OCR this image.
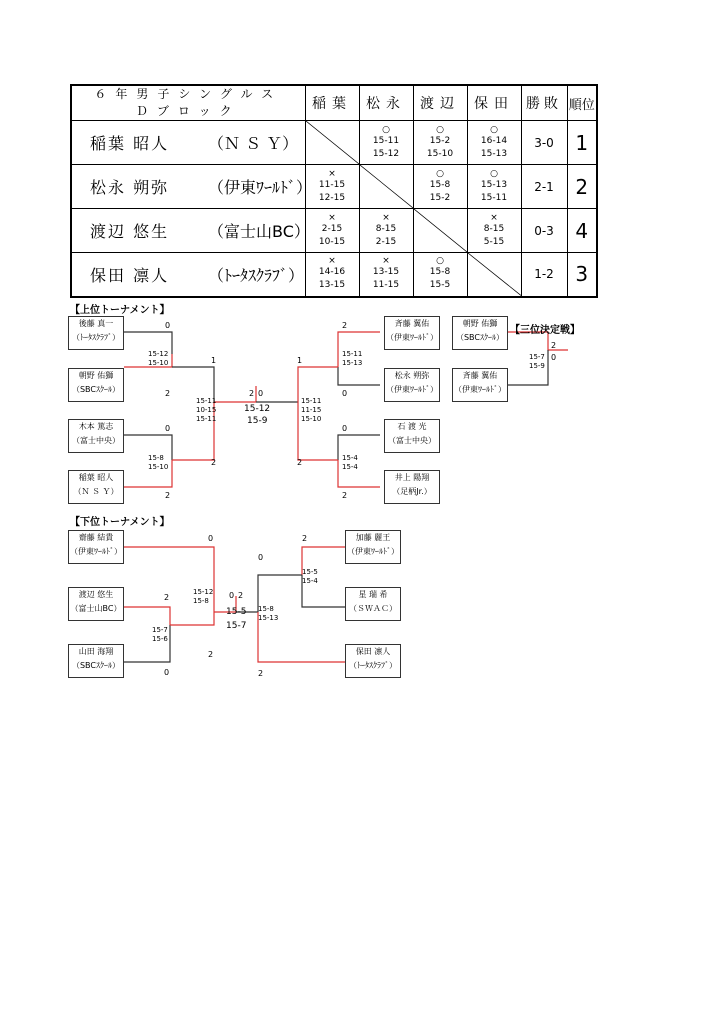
６年男子シングルス
Ｄブロック	稲葉	松永	渡辺	保田	勝敗	順位
稲葉 昭人 （Ｎ Ｓ Ｙ）		○
15-11
15-12	○
15-2
15-10	○
16-14
15-13	3-0	1
松永 朔弥 （伊東ﾜｰﾙﾄﾞ）	×
11-15
12-15		○
15-8
15-2	○
15-13
15-11	2-1	2
渡辺 悠生 （富士山BC）	×
2-15
10-15	×
8-15
2-15		×
8-15
5-15	0-3	4
保田 凛人 （ﾄｰﾀｽｸﾗﾌﾞ）	×
14-16
13-15	×
13-15
11-15	○
15-8
15-5		1-2	3
【上位トーナメント】
【三位決定戦】
後藤 真一
（ﾄｰﾀｽｸﾗﾌﾞ）
朝野 佑獅
（SBCｽｸｰﾙ）
木本 篤志
（富士中央）
稲葉 昭人
（Ｎ Ｓ Ｙ）
斉藤 翼佑
（伊東ﾜｰﾙﾄﾞ）
松永 朔弥
（伊東ﾜｰﾙﾄﾞ）
石 渡 光
（富士中央）
井上 陽翔
（足柄Jr.）
朝野 佑獅
（SBCｽｸｰﾙ）
斉藤 翼佑
（伊東ﾜｰﾙﾄﾞ）
0
2
15-12
15-10
0
2
15-8
15-10
1
2
15-11
10-15
15-11
2 0
15-12
15-9
2
0
15-11
15-13
0
2
15-4
15-4
1
2
15-11
11-15
15-10
2
0
15-7
15-9
【下位トーナメント】
齋藤 結貴
（伊東ﾜｰﾙﾄﾞ）
渡辺 悠生
（富士山BC）
山田 海翔
（SBCｽｸｰﾙ）
加藤 麗王
（伊東ﾜｰﾙﾄﾞ）
星 瑞 希
（ＳＷＡＣ）
保田 凛人
（ﾄｰﾀｽｸﾗﾌﾞ）
0
2
15-12
15-8
2
0
15-7
15-6
0 2
15-5
15-7
2
15-5
15-4
0
2
15-8
15-13
